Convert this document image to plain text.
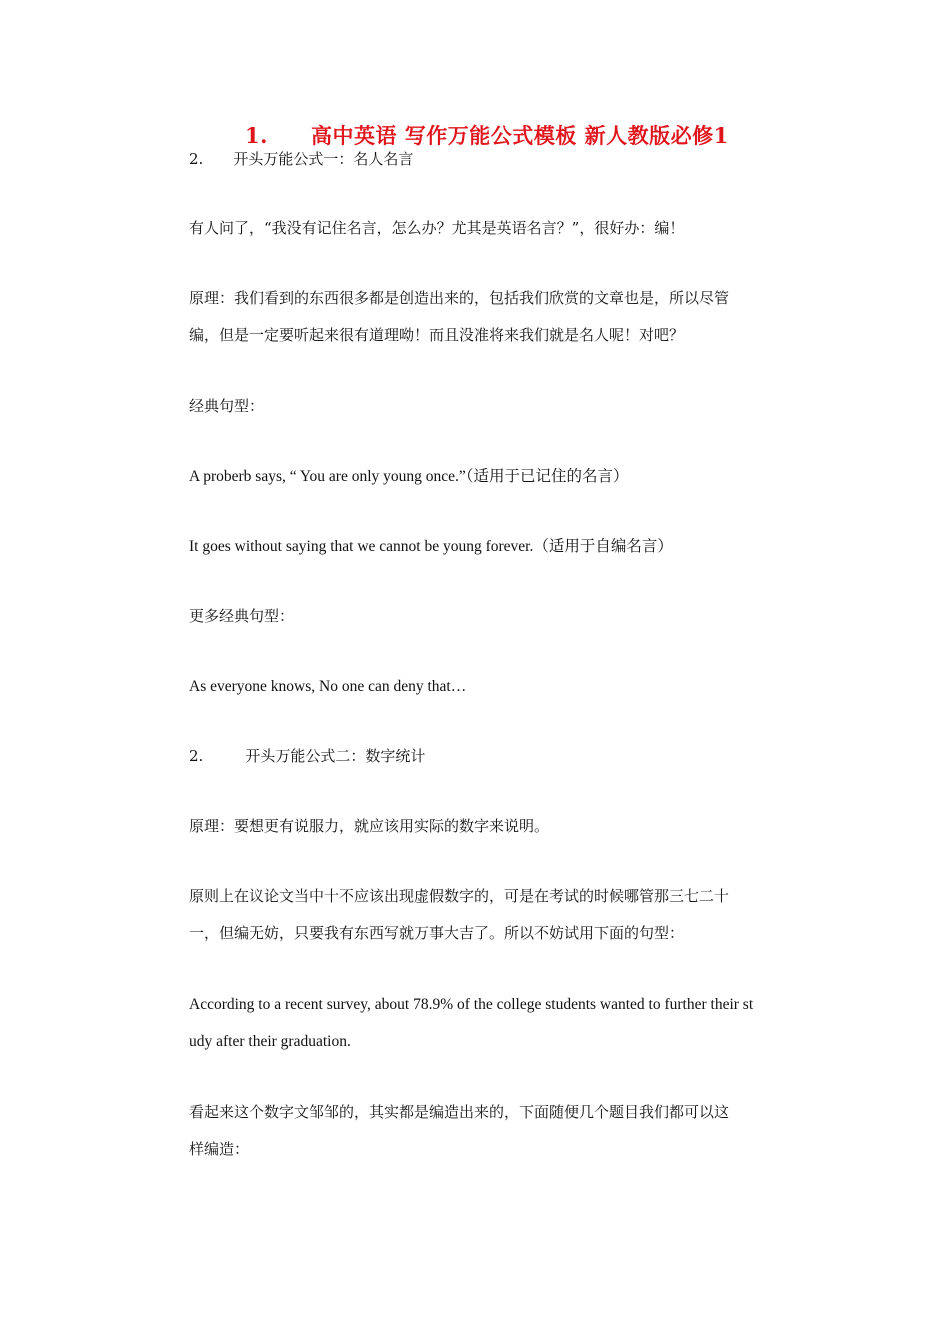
1. 高中英语 写作万能公式模板 新人教版必修1
2. 开头万能公式一：名人名言
有人问了，“我没有记住名言，怎么办？尤其是英语名言？”，很好办：编！
原理：我们看到的东西很多都是创造出来的，包括我们欣赏的文章也是，所以尽管
编，但是一定要听起来很有道理呦！而且没准将来我们就是名人呢！对吧？
经典句型：
A proberb says, “ You are only young once.”（适用于已记住的名言）
It goes without saying that we cannot be young forever.（适用于自编名言）
更多经典句型：
As everyone knows, No one can deny that…
2.	开头万能公式二：数字统计
原理：要想更有说服力，就应该用实际的数字来说明。
原则上在议论文当中十不应该出现虚假数字的，可是在考试的时候哪管那三七二十
一，但编无妨，只要我有东西写就万事大吉了。所以不妨试用下面的句型：
According to a recent survey, about 78.9% of the college students wanted to further their st
udy after their graduation.
看起来这个数字文邹邹的，其实都是编造出来的，下面随便几个题目我们都可以这
样编造：
